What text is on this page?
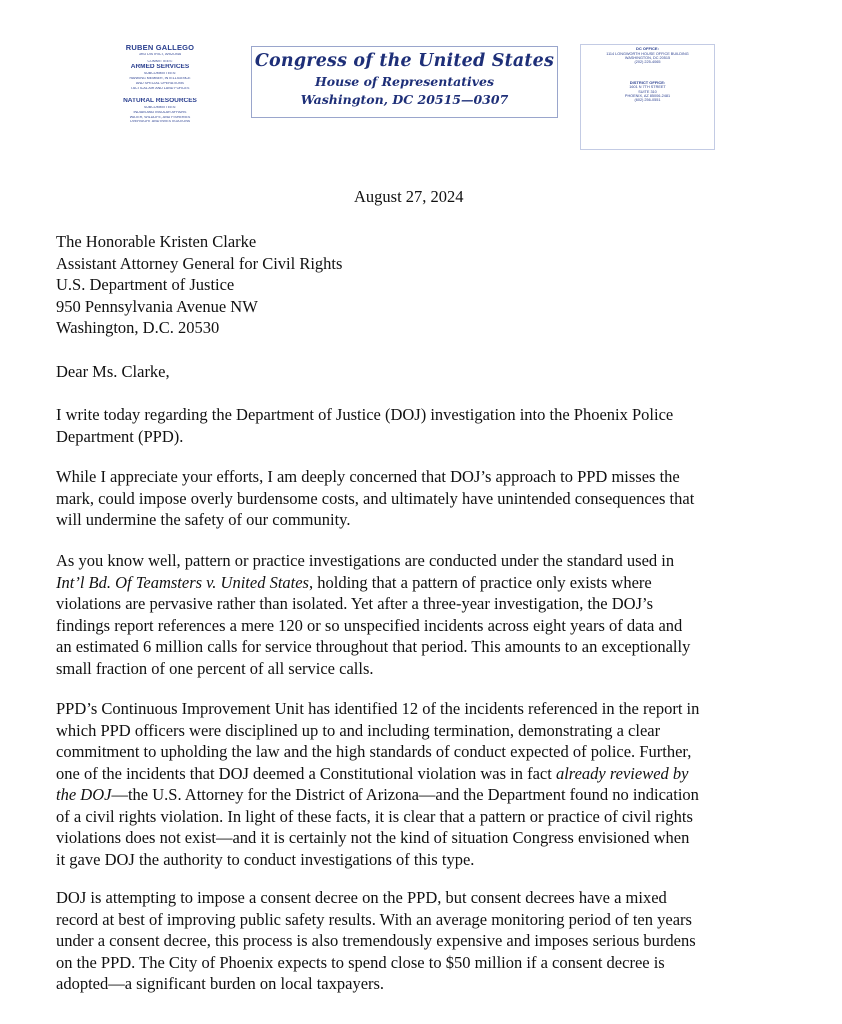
RUBEN GALLEGO
3RD DISTRICT, ARIZONA
COMMITTEES:
ARMED SERVICES
SUBCOMMITTEES:
RANKING MEMBER, INTELLIGENCE
AND SPECIAL OPERATIONS
TACTICAL AIR AND LAND FORCES
NATURAL RESOURCES
SUBCOMMITTEES:
INDIAN AND INSULAR AFFAIRS
WATER, WILDLIFE, AND FISHERIES
OVERSIGHT AND INVESTIGATIONS
Congress of the United States
House of Representatives
Washington, DC 20515—0307
DC OFFICE:
1114 LONGWORTH HOUSE OFFICE BUILDING
WASHINGTON, DC 20515
(202) 225-4065
DISTRICT OFFICE:
1601 N 7TH STREET
SUITE 310
PHOENIX, AZ 85006-2481
(602) 256-0551
August 27, 2024
The Honorable Kristen Clarke
Assistant Attorney General for Civil Rights
U.S. Department of Justice
950 Pennsylvania Avenue NW
Washington, D.C. 20530
Dear Ms. Clarke,
I write today regarding the Department of Justice (DOJ) investigation into the Phoenix Police
Department (PPD).
While I appreciate your efforts, I am deeply concerned that DOJ’s approach to PPD misses the
mark, could impose overly burdensome costs, and ultimately have unintended consequences that
will undermine the safety of our community.
As you know well, pattern or practice investigations are conducted under the standard used in
Int’l Bd. Of Teamsters v. United States, holding that a pattern of practice only exists where
violations are pervasive rather than isolated. Yet after a three-year investigation, the DOJ’s
findings report references a mere 120 or so unspecified incidents across eight years of data and
an estimated 6 million calls for service throughout that period. This amounts to an exceptionally
small fraction of one percent of all service calls.
PPD’s Continuous Improvement Unit has identified 12 of the incidents referenced in the report in
which PPD officers were disciplined up to and including termination, demonstrating a clear
commitment to upholding the law and the high standards of conduct expected of police. Further,
one of the incidents that DOJ deemed a Constitutional violation was in fact already reviewed by
the DOJ—the U.S. Attorney for the District of Arizona—and the Department found no indication
of a civil rights violation. In light of these facts, it is clear that a pattern or practice of civil rights
violations does not exist—and it is certainly not the kind of situation Congress envisioned when
it gave DOJ the authority to conduct investigations of this type.
DOJ is attempting to impose a consent decree on the PPD, but consent decrees have a mixed
record at best of improving public safety results. With an average monitoring period of ten years
under a consent decree, this process is also tremendously expensive and imposes serious burdens
on the PPD. The City of Phoenix expects to spend close to $50 million if a consent decree is
adopted—a significant burden on local taxpayers.
